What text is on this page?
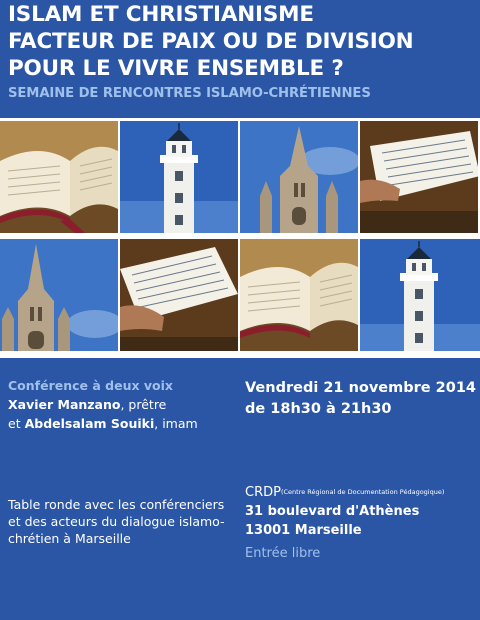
ISLAM ET CHRISTIANISME
FACTEUR DE PAIX OU DE DIVISION
POUR LE VIVRE ENSEMBLE ?
SEMAINE DE RENCONTRES ISLAMO-CHRÉTIENNES
Conférence à deux voix
Xavier Manzano, prêtre
et Abdelsalam Souiki, imam
Vendredi 21 novembre 2014
de 18h30 à 21h30
Table ronde avec les conférenciers et des acteurs du dialogue islamo-chrétien à Marseille
CRDP(Centre Régional de Documentation Pédagogique)
31 boulevard d'Athènes
13001 Marseille
Entrée libre
